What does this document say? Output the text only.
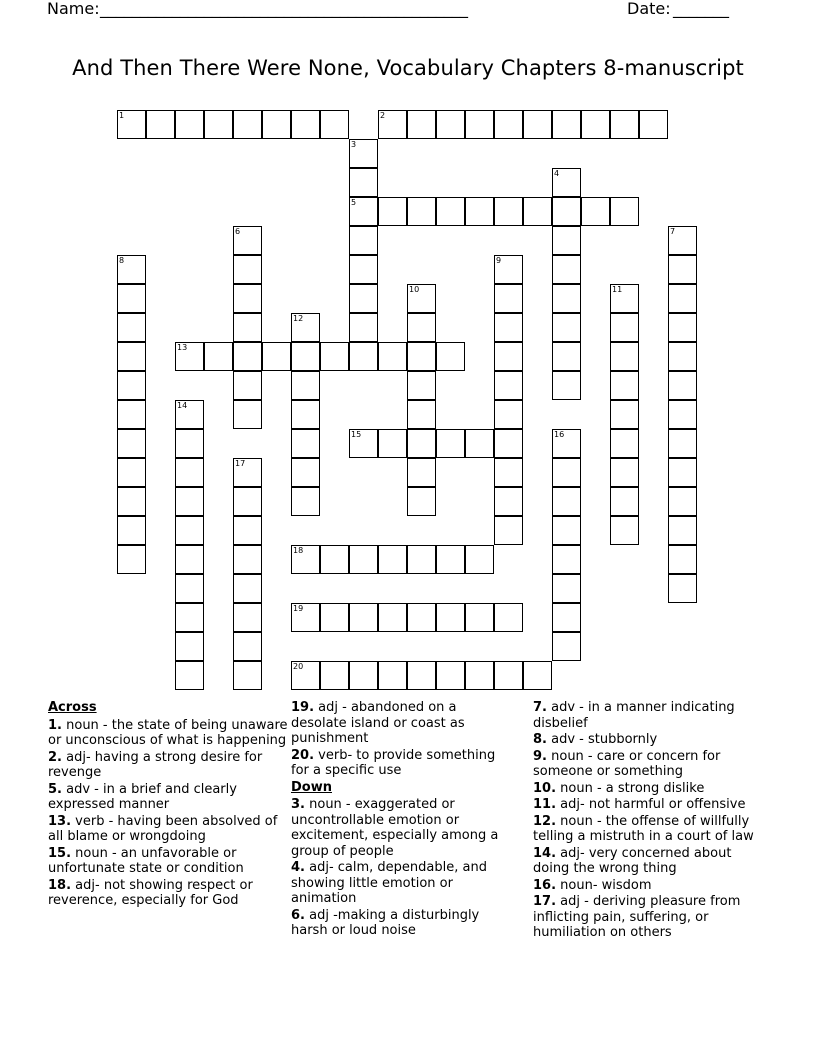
Name: ______________________________________________	Date: _______
And Then There Were None, Vocabulary Chapters 8-manuscript
1	2
3
5
4
6	7
8	9
10	11
12
13
14
15	16
17
18
19
20
Across
1. noun - the state of being unaware or unconscious of what is happening
2. adj- having a strong desire for revenge
5. adv - in a brief and clearly expressed manner
13. verb - having been absolved of all blame or wrongdoing
15. noun - an unfavorable or unfortunate state or condition
18. adj- not showing respect or reverence, especially for God
19. adj - abandoned on a desolate island or coast as punishment
20. verb- to provide something for a specific use
Down
3. noun - exaggerated or uncontrollable emotion or excitement, especially among a group of people
4. adj- calm, dependable, and showing little emotion or animation
6. adj -making a disturbingly harsh or loud noise
7. adv - in a manner indicating disbelief
8. adv - stubbornly
9. noun - care or concern for someone or something
10. noun - a strong dislike
11. adj- not harmful or offensive
12. noun - the offense of willfully telling a mistruth in a court of law
14. adj- very concerned about doing the wrong thing
16. noun- wisdom
17. adj - deriving pleasure from inflicting pain, suffering, or humiliation on others
